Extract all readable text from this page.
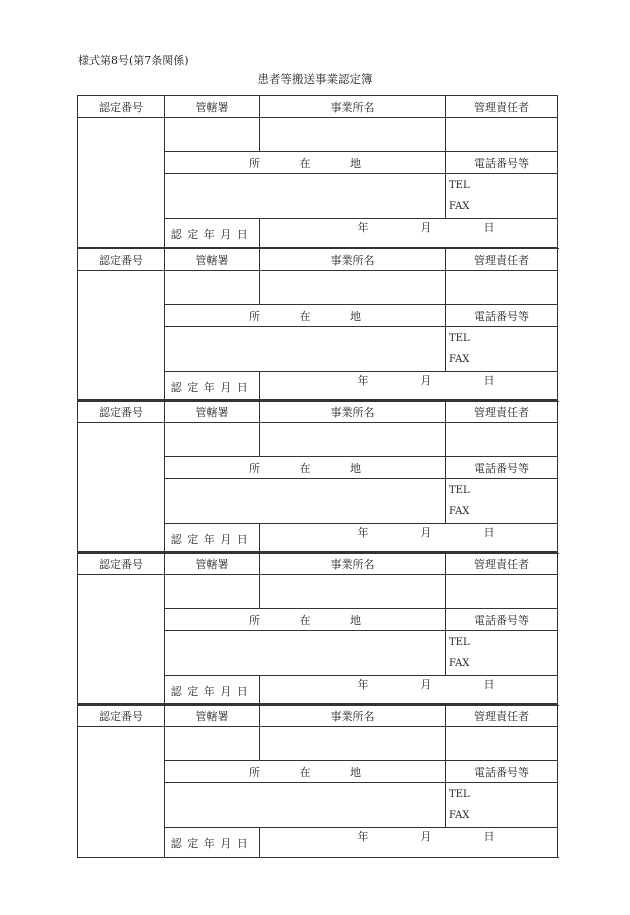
様式第8号(第7条関係)
患者等搬送事業認定簿
認定番号	管轄署	事業所名	管理責任者

	所 在 地		電話番号等

			TEL
FAX

	認定年月日	年 月 日	
認定番号	管轄署	事業所名	管理責任者

	所 在 地		電話番号等

			TEL
FAX

	認定年月日	年 月 日	
認定番号	管轄署	事業所名	管理責任者

	所 在 地		電話番号等

			TEL
FAX

	認定年月日	年 月 日	
認定番号	管轄署	事業所名	管理責任者

	所 在 地		電話番号等

			TEL
FAX

	認定年月日	年 月 日	
認定番号	管轄署	事業所名	管理責任者

	所 在 地		電話番号等

			TEL
FAX

	認定年月日	年 月 日	
